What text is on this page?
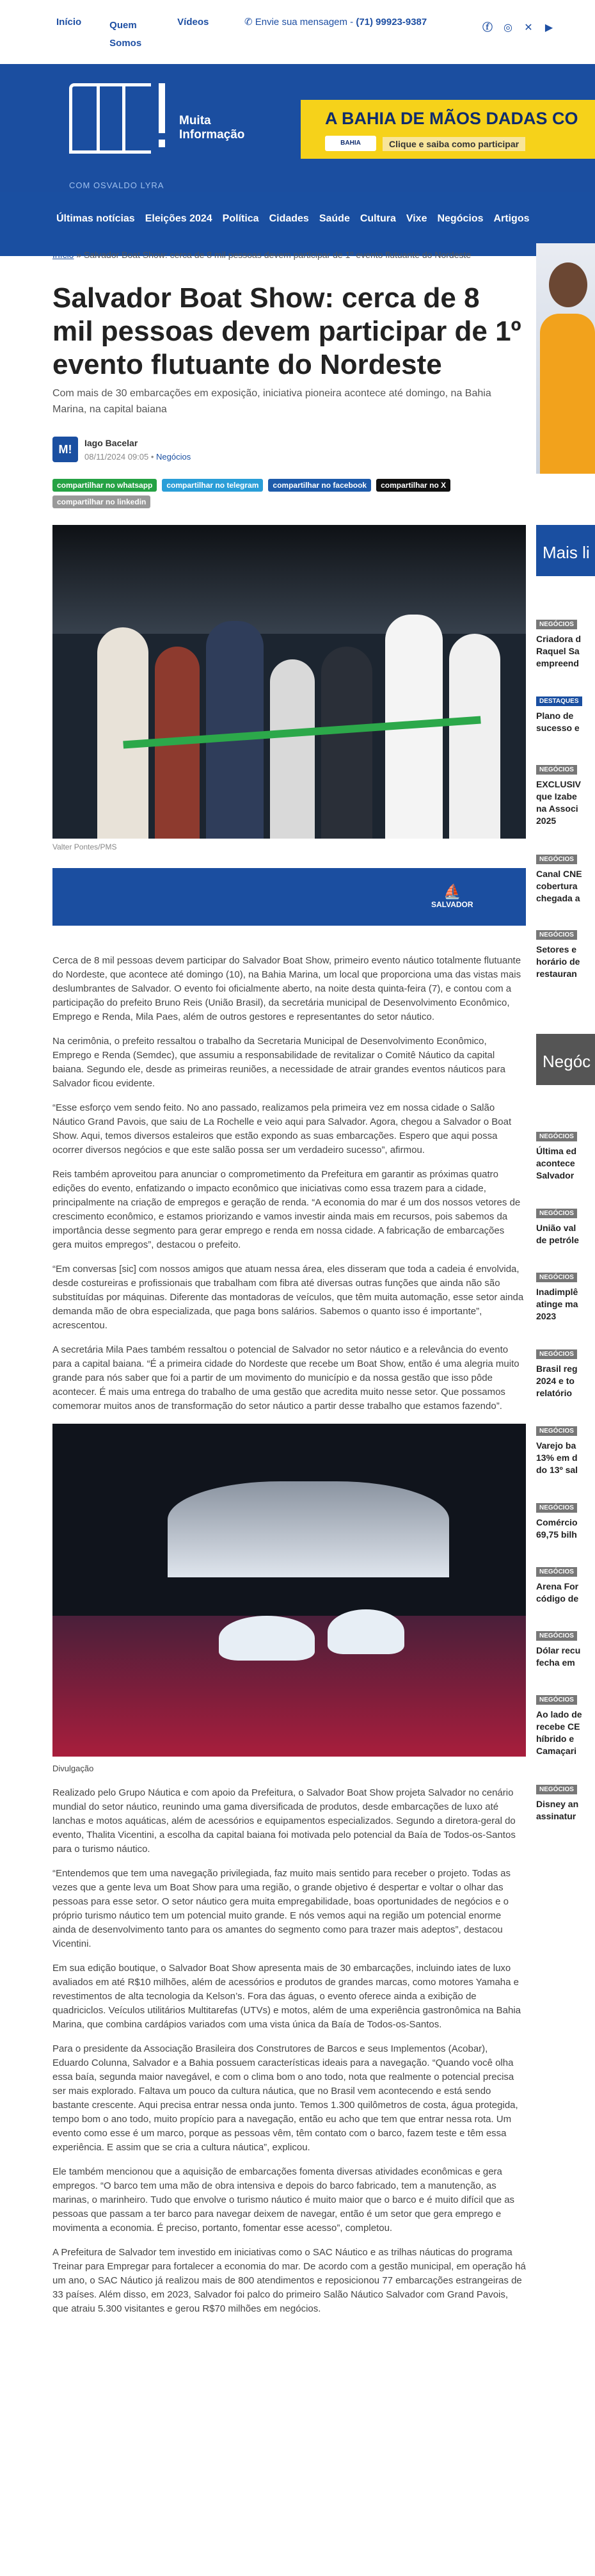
Início	Quem Somos
Vídeos	✆ Envie sua mensagem - (71) 99923-9387
ⓕ ◎ ✕ ▶
Muita
Informação
COM OSVALDO LYRA
A BAHIA DE MÃOS DADAS CO
BAHIA	Clique e saiba como participar
Últimas notícias Eleições 2024 Política Cidades Saúde Cultura Vixe Negócios Artigos
Início » Salvador Boat Show: cerca de 8 mil pessoas devem participar de 1º evento flutuante do Nordeste
Salvador Boat Show: cerca de 8 mil pessoas devem participar de 1º evento flutuante do Nordeste

Com mais de 30 embarcações em exposição, iniciativa pioneira acontece até domingo, na Bahia Marina, na capital baiana

M!
Iago Bacelar
08/11/2024 09:05 • Negócios
compartilhar no whatsapp	compartilhar no telegram	compartilhar no facebook	compartilhar no X
compartilhar no linkedin
Valter Pontes/PMS
⛵
SALVADOR

Cerca de 8 mil pessoas devem participar do Salvador Boat Show, primeiro evento náutico totalmente flutuante do Nordeste, que acontece até domingo (10), na Bahia Marina, um local que proporciona uma das vistas mais deslumbrantes de Salvador. O evento foi oficialmente aberto, na noite desta quinta-feira (7), e contou com a participação do prefeito Bruno Reis (União Brasil), da secretária municipal de Desenvolvimento Econômico, Emprego e Renda, Mila Paes, além de outros gestores e representantes do setor náutico.

Na cerimônia, o prefeito ressaltou o trabalho da Secretaria Municipal de Desenvolvimento Econômico, Emprego e Renda (Semdec), que assumiu a responsabilidade de revitalizar o Comitê Náutico da capital baiana. Segundo ele, desde as primeiras reuniões, a necessidade de atrair grandes eventos náuticos para Salvador ficou evidente.

“Esse esforço vem sendo feito. No ano passado, realizamos pela primeira vez em nossa cidade o Salão Náutico Grand Pavois, que saiu de La Rochelle e veio aqui para Salvador. Agora, chegou a Salvador o Boat Show. Aqui, temos diversos estaleiros que estão expondo as suas embarcações. Espero que aqui possa ocorrer diversos negócios e que este salão possa ser um verdadeiro sucesso”, afirmou.

Reis também aproveitou para anunciar o comprometimento da Prefeitura em garantir as próximas quatro edições do evento, enfatizando o impacto econômico que iniciativas como essa trazem para a cidade, principalmente na criação de empregos e geração de renda. “A economia do mar é um dos nossos vetores de crescimento econômico, e estamos priorizando e vamos investir ainda mais em recursos, pois sabemos da importância desse segmento para gerar emprego e renda em nossa cidade. A fabricação de embarcações gera muitos empregos”, destacou o prefeito.

“Em conversas [sic] com nossos amigos que atuam nessa área, eles disseram que toda a cadeia é envolvida, desde costureiras e profissionais que trabalham com fibra até diversas outras funções que ainda não são substituídas por máquinas. Diferente das montadoras de veículos, que têm muita automação, esse setor ainda demanda mão de obra especializada, que paga bons salários. Sabemos o quanto isso é importante”, acrescentou.

A secretária Mila Paes também ressaltou o potencial de Salvador no setor náutico e a relevância do evento para a capital baiana. “É a primeira cidade do Nordeste que recebe um Boat Show, então é uma alegria muito grande para nós saber que foi a partir de um movimento do município e da nossa gestão que isso pôde acontecer. É mais uma entrega do trabalho de uma gestão que acredita muito nesse setor. Que possamos comemorar muitos anos de transformação do setor náutico a partir desse trabalho que estamos fazendo”.

Divulgação

Realizado pelo Grupo Náutica e com apoio da Prefeitura, o Salvador Boat Show projeta Salvador no cenário mundial do setor náutico, reunindo uma gama diversificada de produtos, desde embarcações de luxo até lanchas e motos aquáticas, além de acessórios e equipamentos especializados. Segundo a diretora-geral do evento, Thalita Vicentini, a escolha da capital baiana foi motivada pelo potencial da Baía de Todos-os-Santos para o turismo náutico.

“Entendemos que tem uma navegação privilegiada, faz muito mais sentido para receber o projeto. Todas as vezes que a gente leva um Boat Show para uma região, o grande objetivo é despertar e voltar o olhar das pessoas para esse setor. O setor náutico gera muita empregabilidade, boas oportunidades de negócios e o próprio turismo náutico tem um potencial muito grande. E nós vemos aqui na região um potencial enorme ainda de desenvolvimento tanto para os amantes do segmento como para trazer mais adeptos”, destacou Vicentini.

Em sua edição boutique, o Salvador Boat Show apresenta mais de 30 embarcações, incluindo iates de luxo avaliados em até R$10 milhões, além de acessórios e produtos de grandes marcas, como motores Yamaha e revestimentos de alta tecnologia da Kelson’s. Fora das águas, o evento oferece ainda a exibição de quadriciclos. Veículos utilitários Multitarefas (UTVs) e motos, além de uma experiência gastronômica na Bahia Marina, que combina cardápios variados com uma vista única da Baía de Todos-os-Santos.

Para o presidente da Associação Brasileira dos Construtores de Barcos e seus Implementos (Acobar), Eduardo Colunna, Salvador e a Bahia possuem características ideais para a navegação. “Quando você olha essa baía, segunda maior navegável, e com o clima bom o ano todo, nota que realmente o potencial precisa ser mais explorado. Faltava um pouco da cultura náutica, que no Brasil vem acontecendo e está sendo bastante crescente. Aqui precisa entrar nessa onda junto. Temos 1.300 quilômetros de costa, água protegida, tempo bom o ano todo, muito propício para a navegação, então eu acho que tem que entrar nessa rota. Um evento como esse é um marco, porque as pessoas vêm, têm contato com o barco, fazem teste e têm essa experiência. E assim que se cria a cultura náutica”, explicou.

Ele também mencionou que a aquisição de embarcações fomenta diversas atividades econômicas e gera empregos. “O barco tem uma mão de obra intensiva e depois do barco fabricado, tem a manutenção, as marinas, o marinheiro. Tudo que envolve o turismo náutico é muito maior que o barco e é muito difícil que as pessoas que passam a ter barco para navegar deixem de navegar, então é um setor que gera emprego e movimenta a economia. É preciso, portanto, fomentar esse acesso”, completou.

A Prefeitura de Salvador tem investido em iniciativas como o SAC Náutico e as trilhas náuticas do programa Treinar para Empregar para fortalecer a economia do mar. De acordo com a gestão municipal, em operação há um ano, o SAC Náutico já realizou mais de 800 atendimentos e reposicionou 77 embarcações estrangeiras de 33 países. Além disso, em 2023, Salvador foi palco do primeiro Salão Náutico Salvador com Grand Pavois, que atraiu 5.300 visitantes e gerou R$70 milhões em negócios.

Mais li
NEGÓCIOS
Criadora d
Raquel Sa
empreend
DESTAQUES
Plano de
sucesso e
NEGÓCIOS
EXCLUSIV
que Izabe
na Associ
2025
NEGÓCIOS
Canal CNE
cobertura
chegada a
NEGÓCIOS
Setores e
horário de
restauran
Negóc
NEGÓCIOS
Última ed
acontece
Salvador
NEGÓCIOS
União val
de petróle
NEGÓCIOS
Inadimplê
atinge ma
2023
NEGÓCIOS
Brasil reg
2024 e to
relatório
NEGÓCIOS
Varejo ba
13% em d
do 13º sal
NEGÓCIOS
Comércio
69,75 bilh
NEGÓCIOS
Arena For
código de
NEGÓCIOS
Dólar recu
fecha em
NEGÓCIOS
Ao lado de
recebe CE
híbrido e
Camaçari
NEGÓCIOS
Disney an
assinatur
